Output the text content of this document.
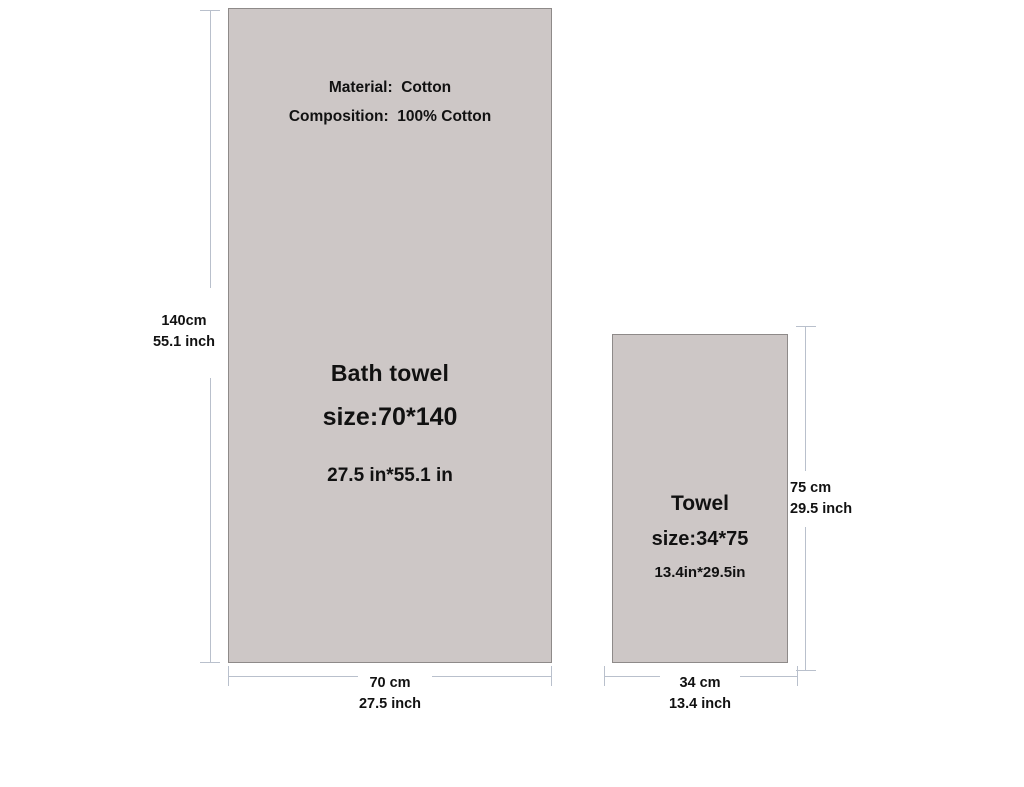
Material:  Cotton
Composition:  100% Cotton
Bath towel
size:70*140
27.5 in*55.1 in
140cm
55.1 inch
70 cm
27.5 inch
Towel
size:34*75
13.4in*29.5in
75 cm
29.5 inch
34 cm
13.4 inch
